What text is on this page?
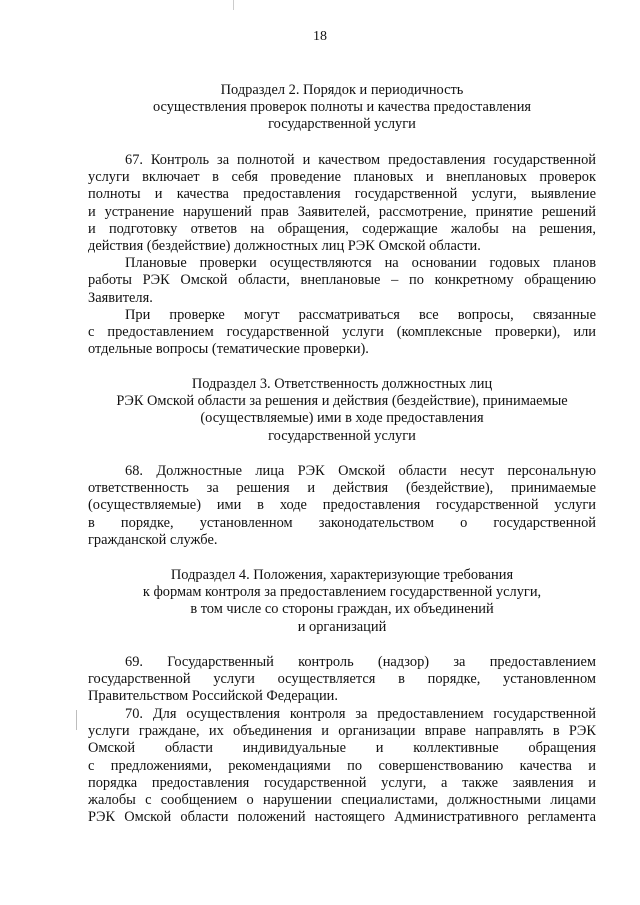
18
Подраздел 2. Порядок и периодичность
осуществления проверок полноты и качества предоставления
государственной услуги
67. Контроль за полнотой и качеством предоставления государственной
услуги включает в себя проведение плановых и внеплановых проверок
полноты и качества предоставления государственной услуги, выявление
и устранение нарушений прав Заявителей, рассмотрение, принятие решений
и подготовку ответов на обращения, содержащие жалобы на решения,
действия (бездействие) должностных лиц РЭК Омской области.
Плановые проверки осуществляются на основании годовых планов
работы РЭК Омской области, внеплановые – по конкретному обращению
Заявителя.
При проверке могут рассматриваться все вопросы, связанные
с предоставлением государственной услуги (комплексные проверки), или
отдельные вопросы (тематические проверки).
Подраздел 3. Ответственность должностных лиц
РЭК Омской области за решения и действия (бездействие), принимаемые
(осуществляемые) ими в ходе предоставления
государственной услуги
68. Должностные лица РЭК Омской области несут персональную
ответственность за решения и действия (бездействие), принимаемые
(осуществляемые) ими в ходе предоставления государственной услуги
в порядке, установленном законодательством о государственной
гражданской службе.
Подраздел 4. Положения, характеризующие требования
к формам контроля за предоставлением государственной услуги,
в том числе со стороны граждан, их объединений
и организаций
69. Государственный контроль (надзор) за предоставлением
государственной услуги осуществляется в порядке, установленном
Правительством Российской Федерации.
70. Для осуществления контроля за предоставлением государственной
услуги граждане, их объединения и организации вправе направлять в РЭК
Омской области индивидуальные и коллективные обращения
с предложениями, рекомендациями по совершенствованию качества и
порядка предоставления государственной услуги, а также заявления и
жалобы с сообщением о нарушении специалистами, должностными лицами
РЭК Омской области положений настоящего Административного регламента
